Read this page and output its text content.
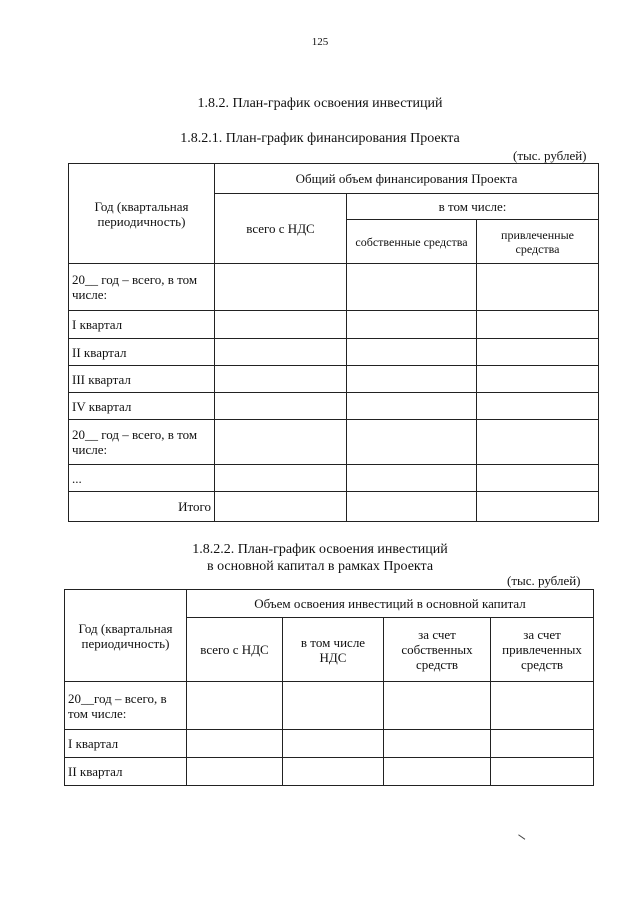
125
1.8.2. План-график освоения инвестиций
1.8.2.1. План-график финансирования Проекта
(тыс. рублей)
Год (квартальная периодичность)	Общий объем финансирования Проекта		
	всего с НДС	в том числе:	
		собственные средства	привлеченные средства
20__ год – всего, в том числе:			
I квартал			
II квартал			
III квартал			
IV квартал			
20__ год – всего, в том числе:			
...			
Итого			
1.8.2.2. План-график освоения инвестиций
в основной капитал в рамках Проекта
(тыс. рублей)
Год (квартальная периодичность)	Объем освоения инвестиций в основной капитал			
	всего с НДС	в том числе НДС	за счет собственных средств	за счет привлеченных средств
20__год – всего, в том числе:				
I квартал				
II квартал				
